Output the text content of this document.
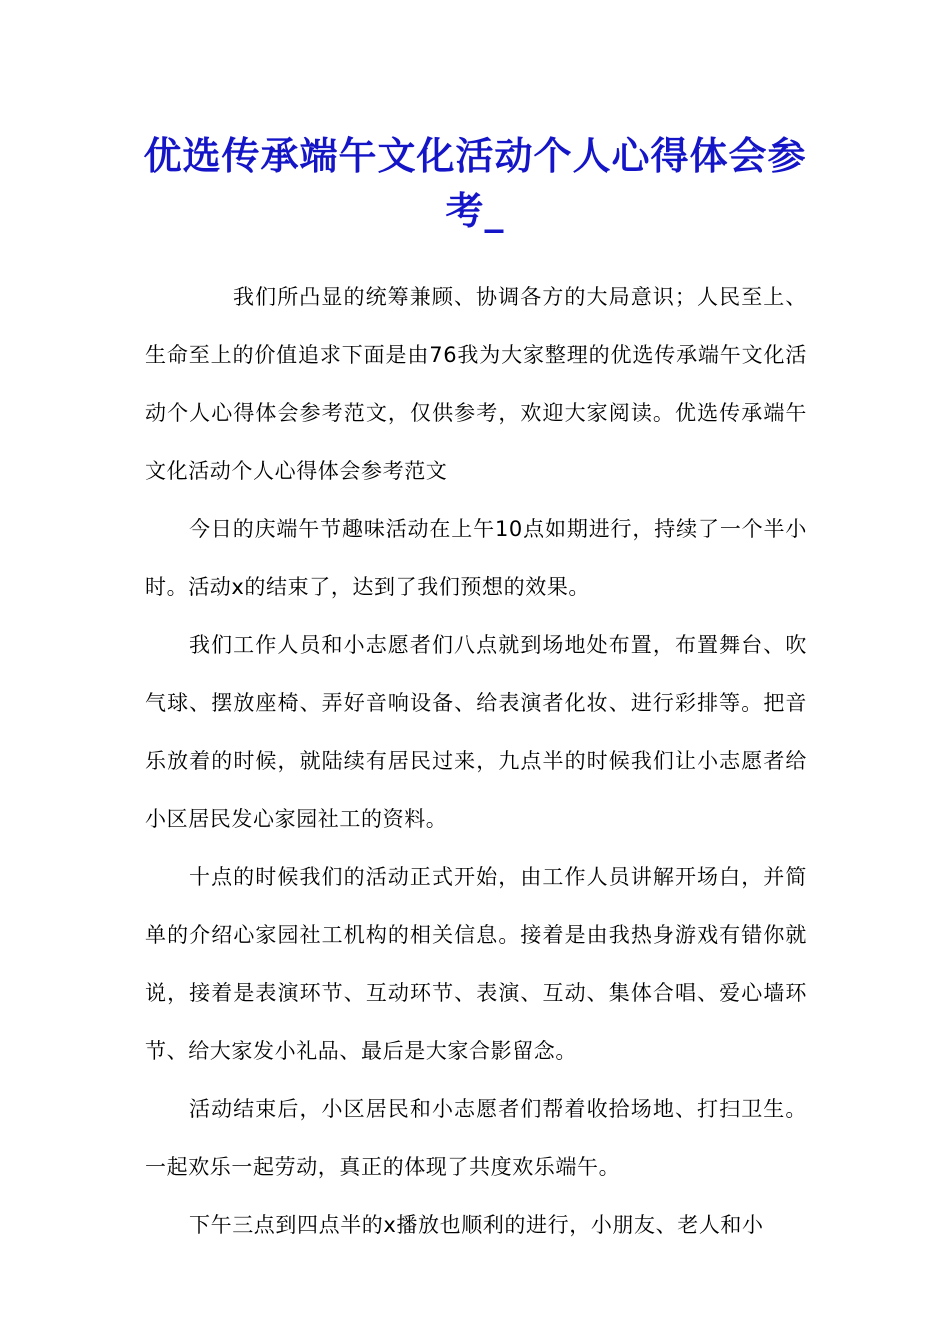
优选传承端午文化活动个人心得体会参考_

我们所凸显的统筹兼顾、协调各方的大局意识；人民至上、生命至上的价值追求下面是由76我为大家整理的优选传承端午文化活动个人心得体会参考范文，仅供参考，欢迎大家阅读。优选传承端午文化活动个人心得体会参考范文

今日的庆端午节趣味活动在上午10点如期进行，持续了一个半小时。活动x的结束了，达到了我们预想的效果。

我们工作人员和小志愿者们八点就到场地处布置，布置舞台、吹气球、摆放座椅、弄好音响设备、给表演者化妆、进行彩排等。把音乐放着的时候，就陆续有居民过来，九点半的时候我们让小志愿者给小区居民发心家园社工的资料。

十点的时候我们的活动正式开始，由工作人员讲解开场白，并简单的介绍心家园社工机构的相关信息。接着是由我热身游戏有错你就说，接着是表演环节、互动环节、表演、互动、集体合唱、爱心墙环节、给大家发小礼品、最后是大家合影留念。

活动结束后，小区居民和小志愿者们帮着收拾场地、打扫卫生。一起欢乐一起劳动，真正的体现了共度欢乐端午。

下午三点到四点半的x播放也顺利的进行，小朋友、老人和小
